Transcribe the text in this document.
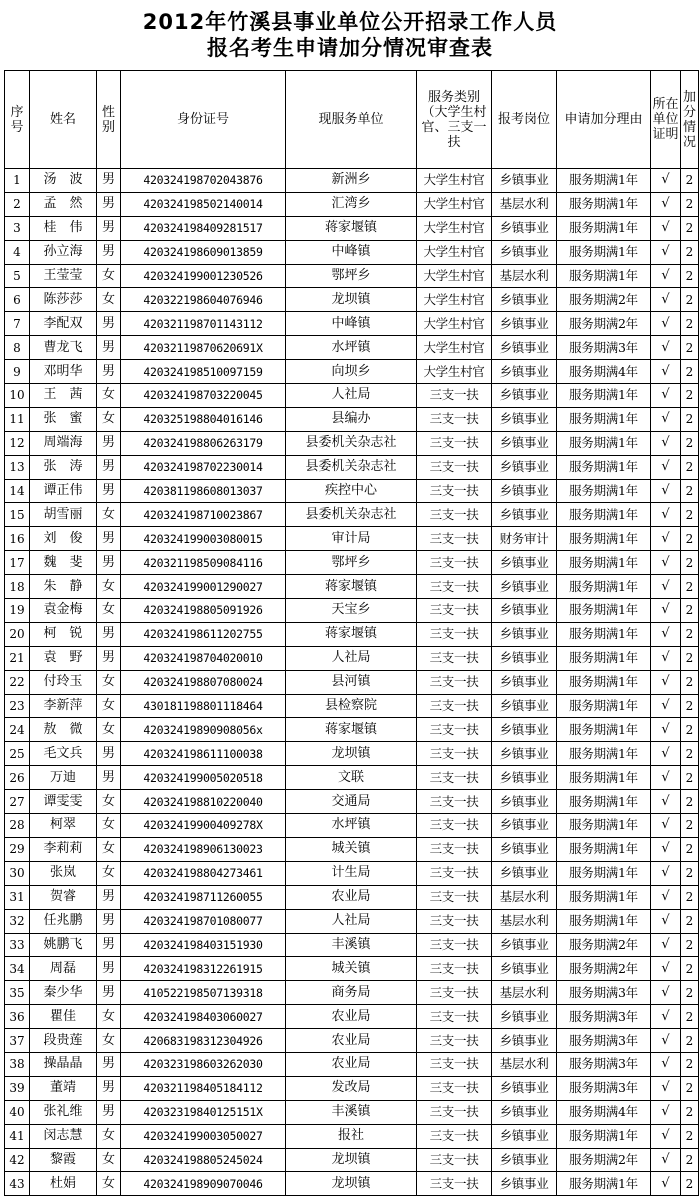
2012年竹溪县事业单位公开招录工作人员
报名考生申请加分情况审查表
序号	姓名	性别	身份证号	现服务单位	服务类别（大学生村官、三支一扶	报考岗位	申请加分理由	所在单位证明	加分情况
1	汤　波	男	420324198702043876	新洲乡	大学生村官	乡镇事业	服务期满1年	√	2
2	孟　然	男	420324198502140014	汇湾乡	大学生村官	基层水利	服务期满1年	√	2
3	桂　伟	男	420324198409281517	蒋家堰镇	大学生村官	乡镇事业	服务期满1年	√	2
4	孙立海	男	420324198609013859	中峰镇	大学生村官	乡镇事业	服务期满1年	√	2
5	王莹莹	女	420324199001230526	鄂坪乡	大学生村官	基层水利	服务期满1年	√	2
6	陈莎莎	女	420322198604076946	龙坝镇	大学生村官	乡镇事业	服务期满2年	√	2
7	李配双	男	420321198701143112	中峰镇	大学生村官	乡镇事业	服务期满2年	√	2
8	曹龙飞	男	42032119870620691X	水坪镇	大学生村官	乡镇事业	服务期满3年	√	2
9	邓明华	男	420324198510097159	向坝乡	大学生村官	乡镇事业	服务期满4年	√	2
10	王　茜	女	420324198703220045	人社局	三支一扶	乡镇事业	服务期满1年	√	2
11	张　蜜	女	420325198804016146	县编办	三支一扶	乡镇事业	服务期满1年	√	2
12	周端海	男	420324198806263179	县委机关杂志社	三支一扶	乡镇事业	服务期满1年	√	2
13	张　涛	男	420324198702230014	县委机关杂志社	三支一扶	乡镇事业	服务期满1年	√	2
14	谭正伟	男	420381198608013037	疾控中心	三支一扶	乡镇事业	服务期满1年	√	2
15	胡雪丽	女	420324198710023867	县委机关杂志社	三支一扶	乡镇事业	服务期满1年	√	2
16	刘　俊	男	420324199003080015	审计局	三支一扶	财务审计	服务期满1年	√	2
17	魏　斐	男	420321198509084116	鄂坪乡	三支一扶	乡镇事业	服务期满1年	√	2
18	朱　静	女	420324199001290027	蒋家堰镇	三支一扶	乡镇事业	服务期满1年	√	2
19	袁金梅	女	420324198805091926	天宝乡	三支一扶	乡镇事业	服务期满1年	√	2
20	柯　锐	男	420324198611202755	蒋家堰镇	三支一扶	乡镇事业	服务期满1年	√	2
21	袁　野	男	420324198704020010	人社局	三支一扶	乡镇事业	服务期满1年	√	2
22	付玲玉	女	420324198807080024	县河镇	三支一扶	乡镇事业	服务期满1年	√	2
23	李新萍	女	430181198801118464	县检察院	三支一扶	乡镇事业	服务期满1年	√	2
24	敖　微	女	42032419890908056x	蒋家堰镇	三支一扶	乡镇事业	服务期满1年	√	2
25	毛文兵	男	420324198611100038	龙坝镇	三支一扶	乡镇事业	服务期满1年	√	2
26	万迪	男	420324199005020518	文联	三支一扶	乡镇事业	服务期满1年	√	2
27	谭雯雯	女	420324198810220040	交通局	三支一扶	乡镇事业	服务期满1年	√	2
28	柯翠	女	42032419900409278X	水坪镇	三支一扶	乡镇事业	服务期满1年	√	2
29	李莉莉	女	420324198906130023	城关镇	三支一扶	乡镇事业	服务期满1年	√	2
30	张岚	女	420324198804273461	计生局	三支一扶	乡镇事业	服务期满1年	√	2
31	贺睿	男	420324198711260055	农业局	三支一扶	基层水利	服务期满1年	√	2
32	任兆鹏	男	420324198701080077	人社局	三支一扶	基层水利	服务期满1年	√	2
33	姚鹏飞	男	420324198403151930	丰溪镇	三支一扶	乡镇事业	服务期满2年	√	2
34	周磊	男	420324198312261915	城关镇	三支一扶	乡镇事业	服务期满2年	√	2
35	秦少华	男	410522198507139318	商务局	三支一扶	基层水利	服务期满3年	√	2
36	瞿佳	女	420324198403060027	农业局	三支一扶	乡镇事业	服务期满3年	√	2
37	段贵莲	女	420683198312304926	农业局	三支一扶	乡镇事业	服务期满3年	√	2
38	操晶晶	男	420323198603262030	农业局	三支一扶	基层水利	服务期满3年	√	2
39	董靖	男	420321198405184112	发改局	三支一扶	乡镇事业	服务期满3年	√	2
40	张礼维	男	42032319840125151X	丰溪镇	三支一扶	乡镇事业	服务期满4年	√	2
41	闵志慧	女	420324199003050027	报社	三支一扶	乡镇事业	服务期满1年	√	2
42	黎霞	女	420324198805245024	龙坝镇	三支一扶	乡镇事业	服务期满2年	√	2
43	杜娟	女	420324198909070046	龙坝镇	三支一扶	乡镇事业	服务期满1年	√	2
